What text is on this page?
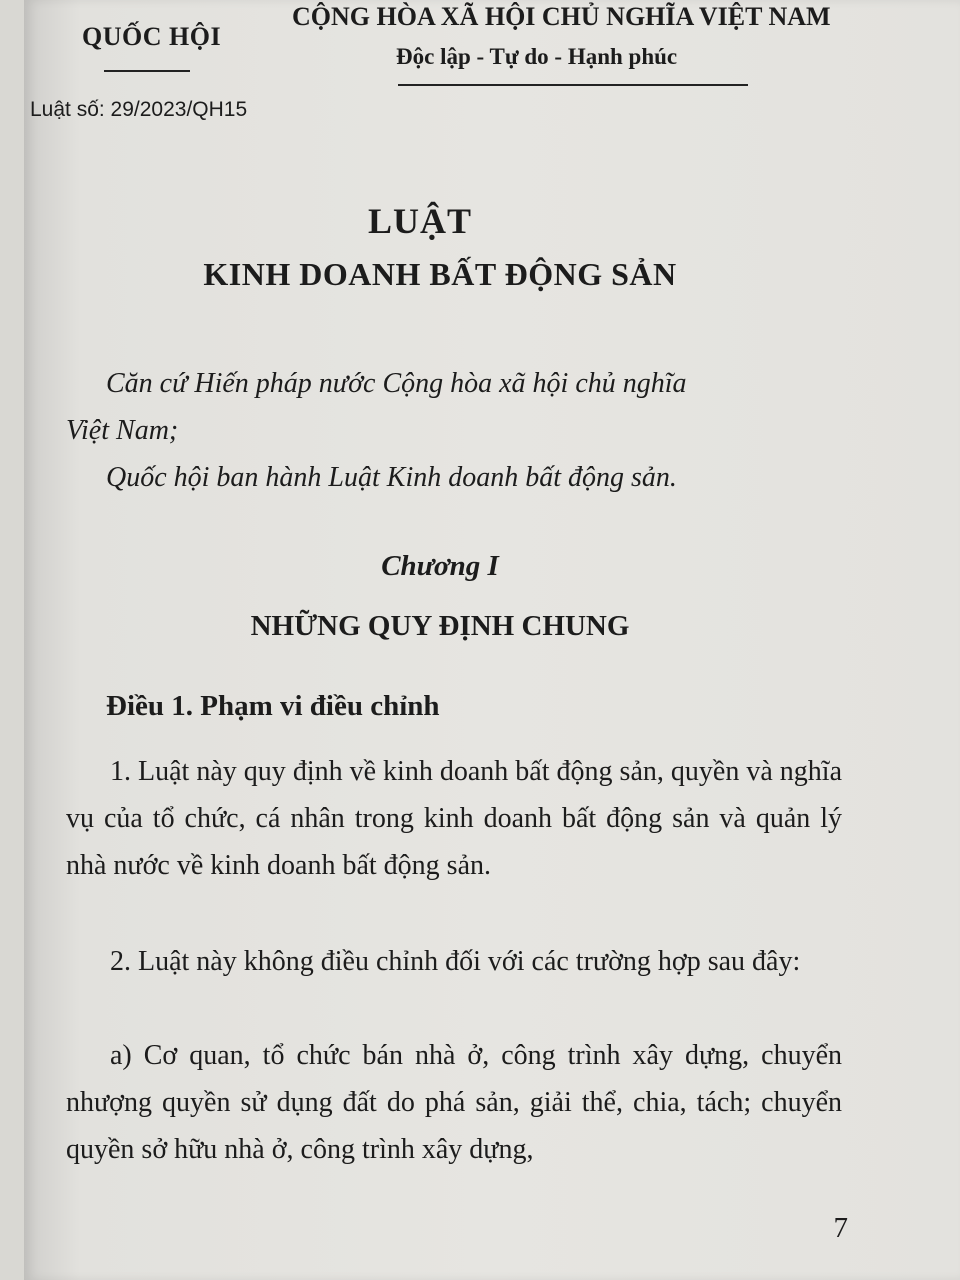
QUỐC HỘI
CỘNG HÒA XÃ HỘI CHỦ NGHĨA VIỆT NAM
Độc lập - Tự do - Hạnh phúc
Luật số: 29/2023/QH15
LUẬT
KINH DOANH BẤT ĐỘNG SẢN
Căn cứ Hiến pháp nước Cộng hòa xã hội chủ nghĩa
Việt Nam;
Quốc hội ban hành Luật Kinh doanh bất động sản.
Chương I
NHỮNG QUY ĐỊNH CHUNG
Điều 1. Phạm vi điều chỉnh
1. Luật này quy định về kinh doanh bất động sản, quyền và nghĩa vụ của tổ chức, cá nhân trong kinh doanh bất động sản và quản lý nhà nước về kinh doanh bất động sản.
2. Luật này không điều chỉnh đối với các trường hợp sau đây:
a) Cơ quan, tổ chức bán nhà ở, công trình xây dựng, chuyển nhượng quyền sử dụng đất do phá sản, giải thể, chia, tách; chuyển quyền sở hữu nhà ở, công trình xây dựng,
7
